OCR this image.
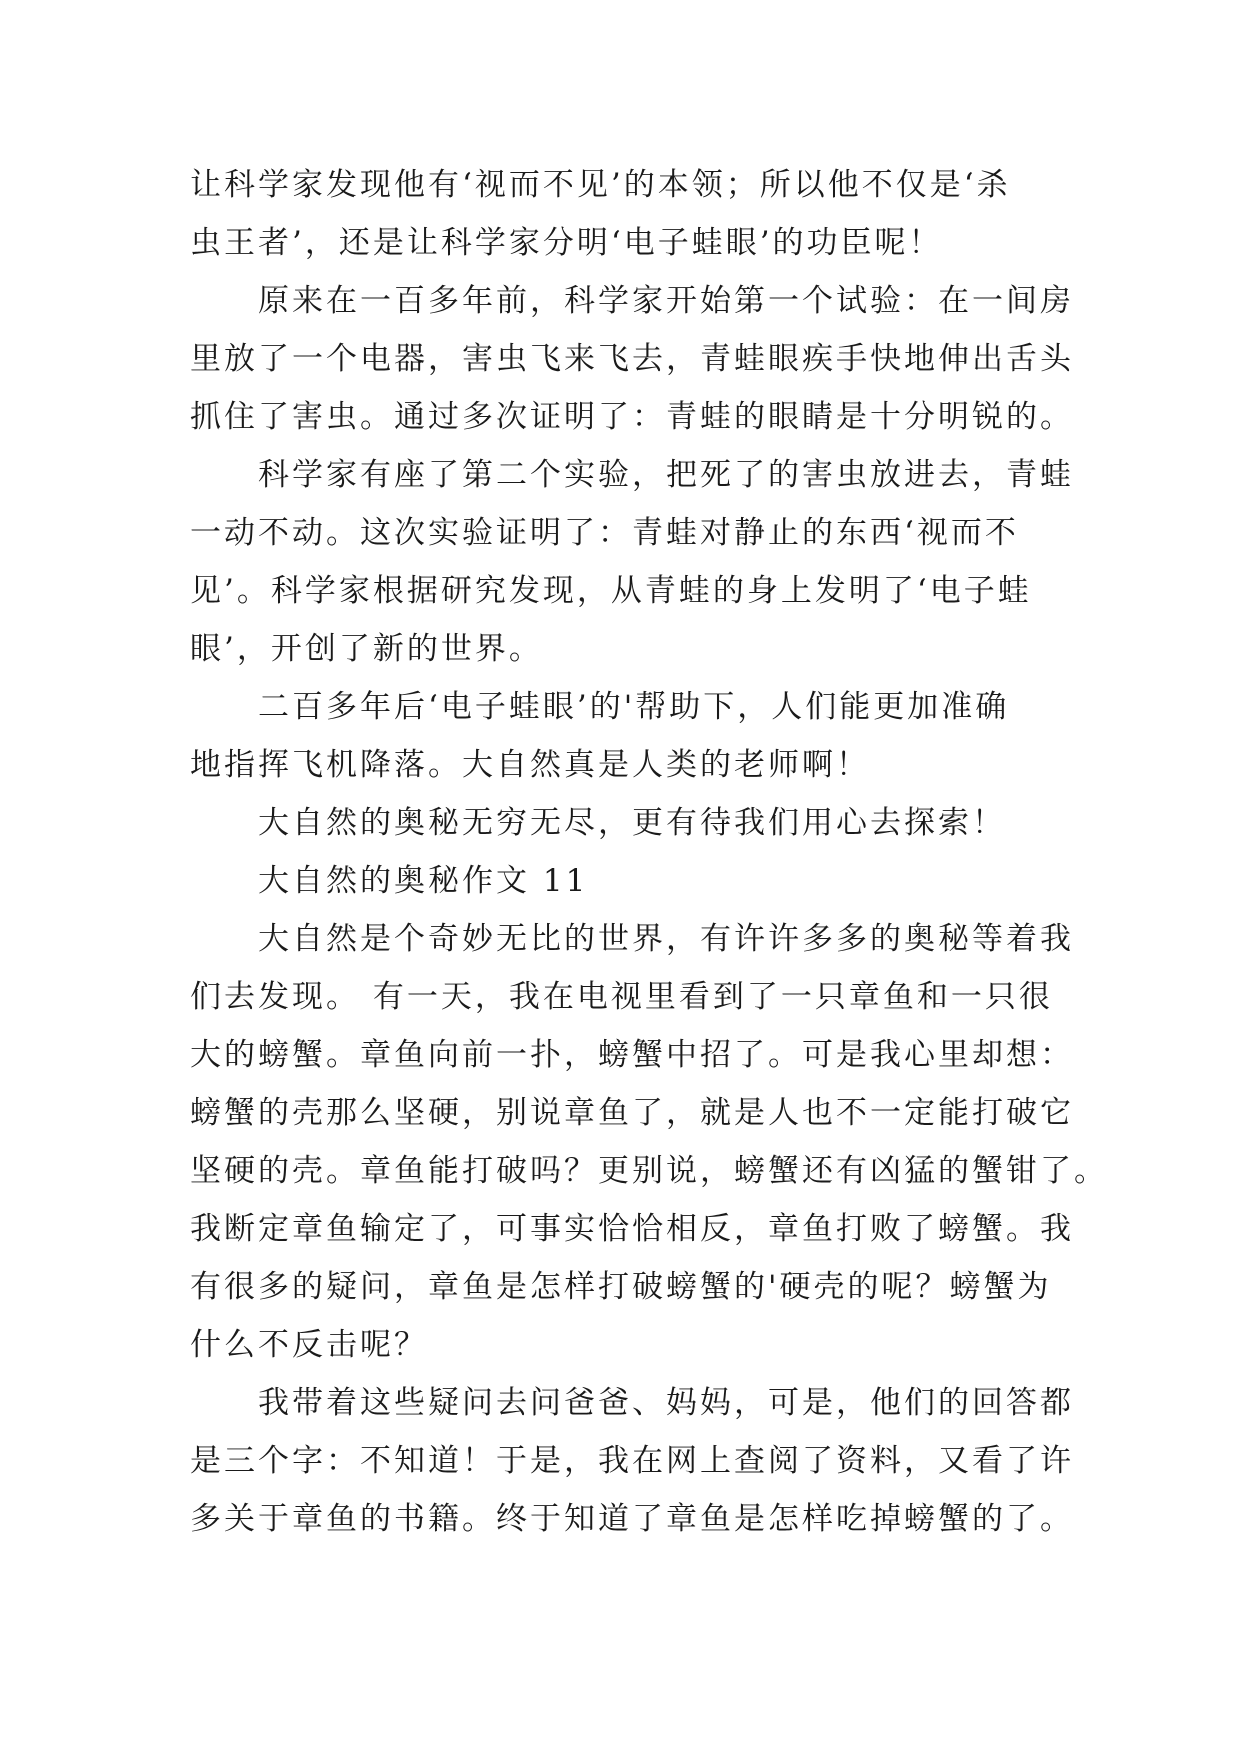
让科学家发现他有‘视而不见’的本领；所以他不仅是‘杀
虫王者’，还是让科学家分明‘电子蛙眼’的功臣呢！
　　原来在一百多年前，科学家开始第一个试验：在一间房
里放了一个电器，害虫飞来飞去，青蛙眼疾手快地伸出舌头
抓住了害虫。通过多次证明了：青蛙的眼睛是十分明锐的。
　　科学家有座了第二个实验，把死了的害虫放进去，青蛙
一动不动。这次实验证明了：青蛙对静止的东西‘视而不
见’。科学家根据研究发现，从青蛙的身上发明了‘电子蛙
眼’，开创了新的世界。
　　二百多年后‘电子蛙眼’的'帮助下，人们能更加准确
地指挥飞机降落。大自然真是人类的老师啊！
　　大自然的奥秘无穷无尽，更有待我们用心去探索！
　　大自然的奥秘作文 11
　　大自然是个奇妙无比的世界，有许许多多的奥秘等着我
们去发现。 有一天，我在电视里看到了一只章鱼和一只很
大的螃蟹。章鱼向前一扑，螃蟹中招了。可是我心里却想：
螃蟹的壳那么坚硬，别说章鱼了，就是人也不一定能打破它
坚硬的壳。章鱼能打破吗？更别说，螃蟹还有凶猛的蟹钳了。
我断定章鱼输定了，可事实恰恰相反，章鱼打败了螃蟹。我
有很多的疑问，章鱼是怎样打破螃蟹的'硬壳的呢？螃蟹为
什么不反击呢？
　　我带着这些疑问去问爸爸、妈妈，可是，他们的回答都
是三个字：不知道！于是，我在网上查阅了资料，又看了许
多关于章鱼的书籍。终于知道了章鱼是怎样吃掉螃蟹的了。
